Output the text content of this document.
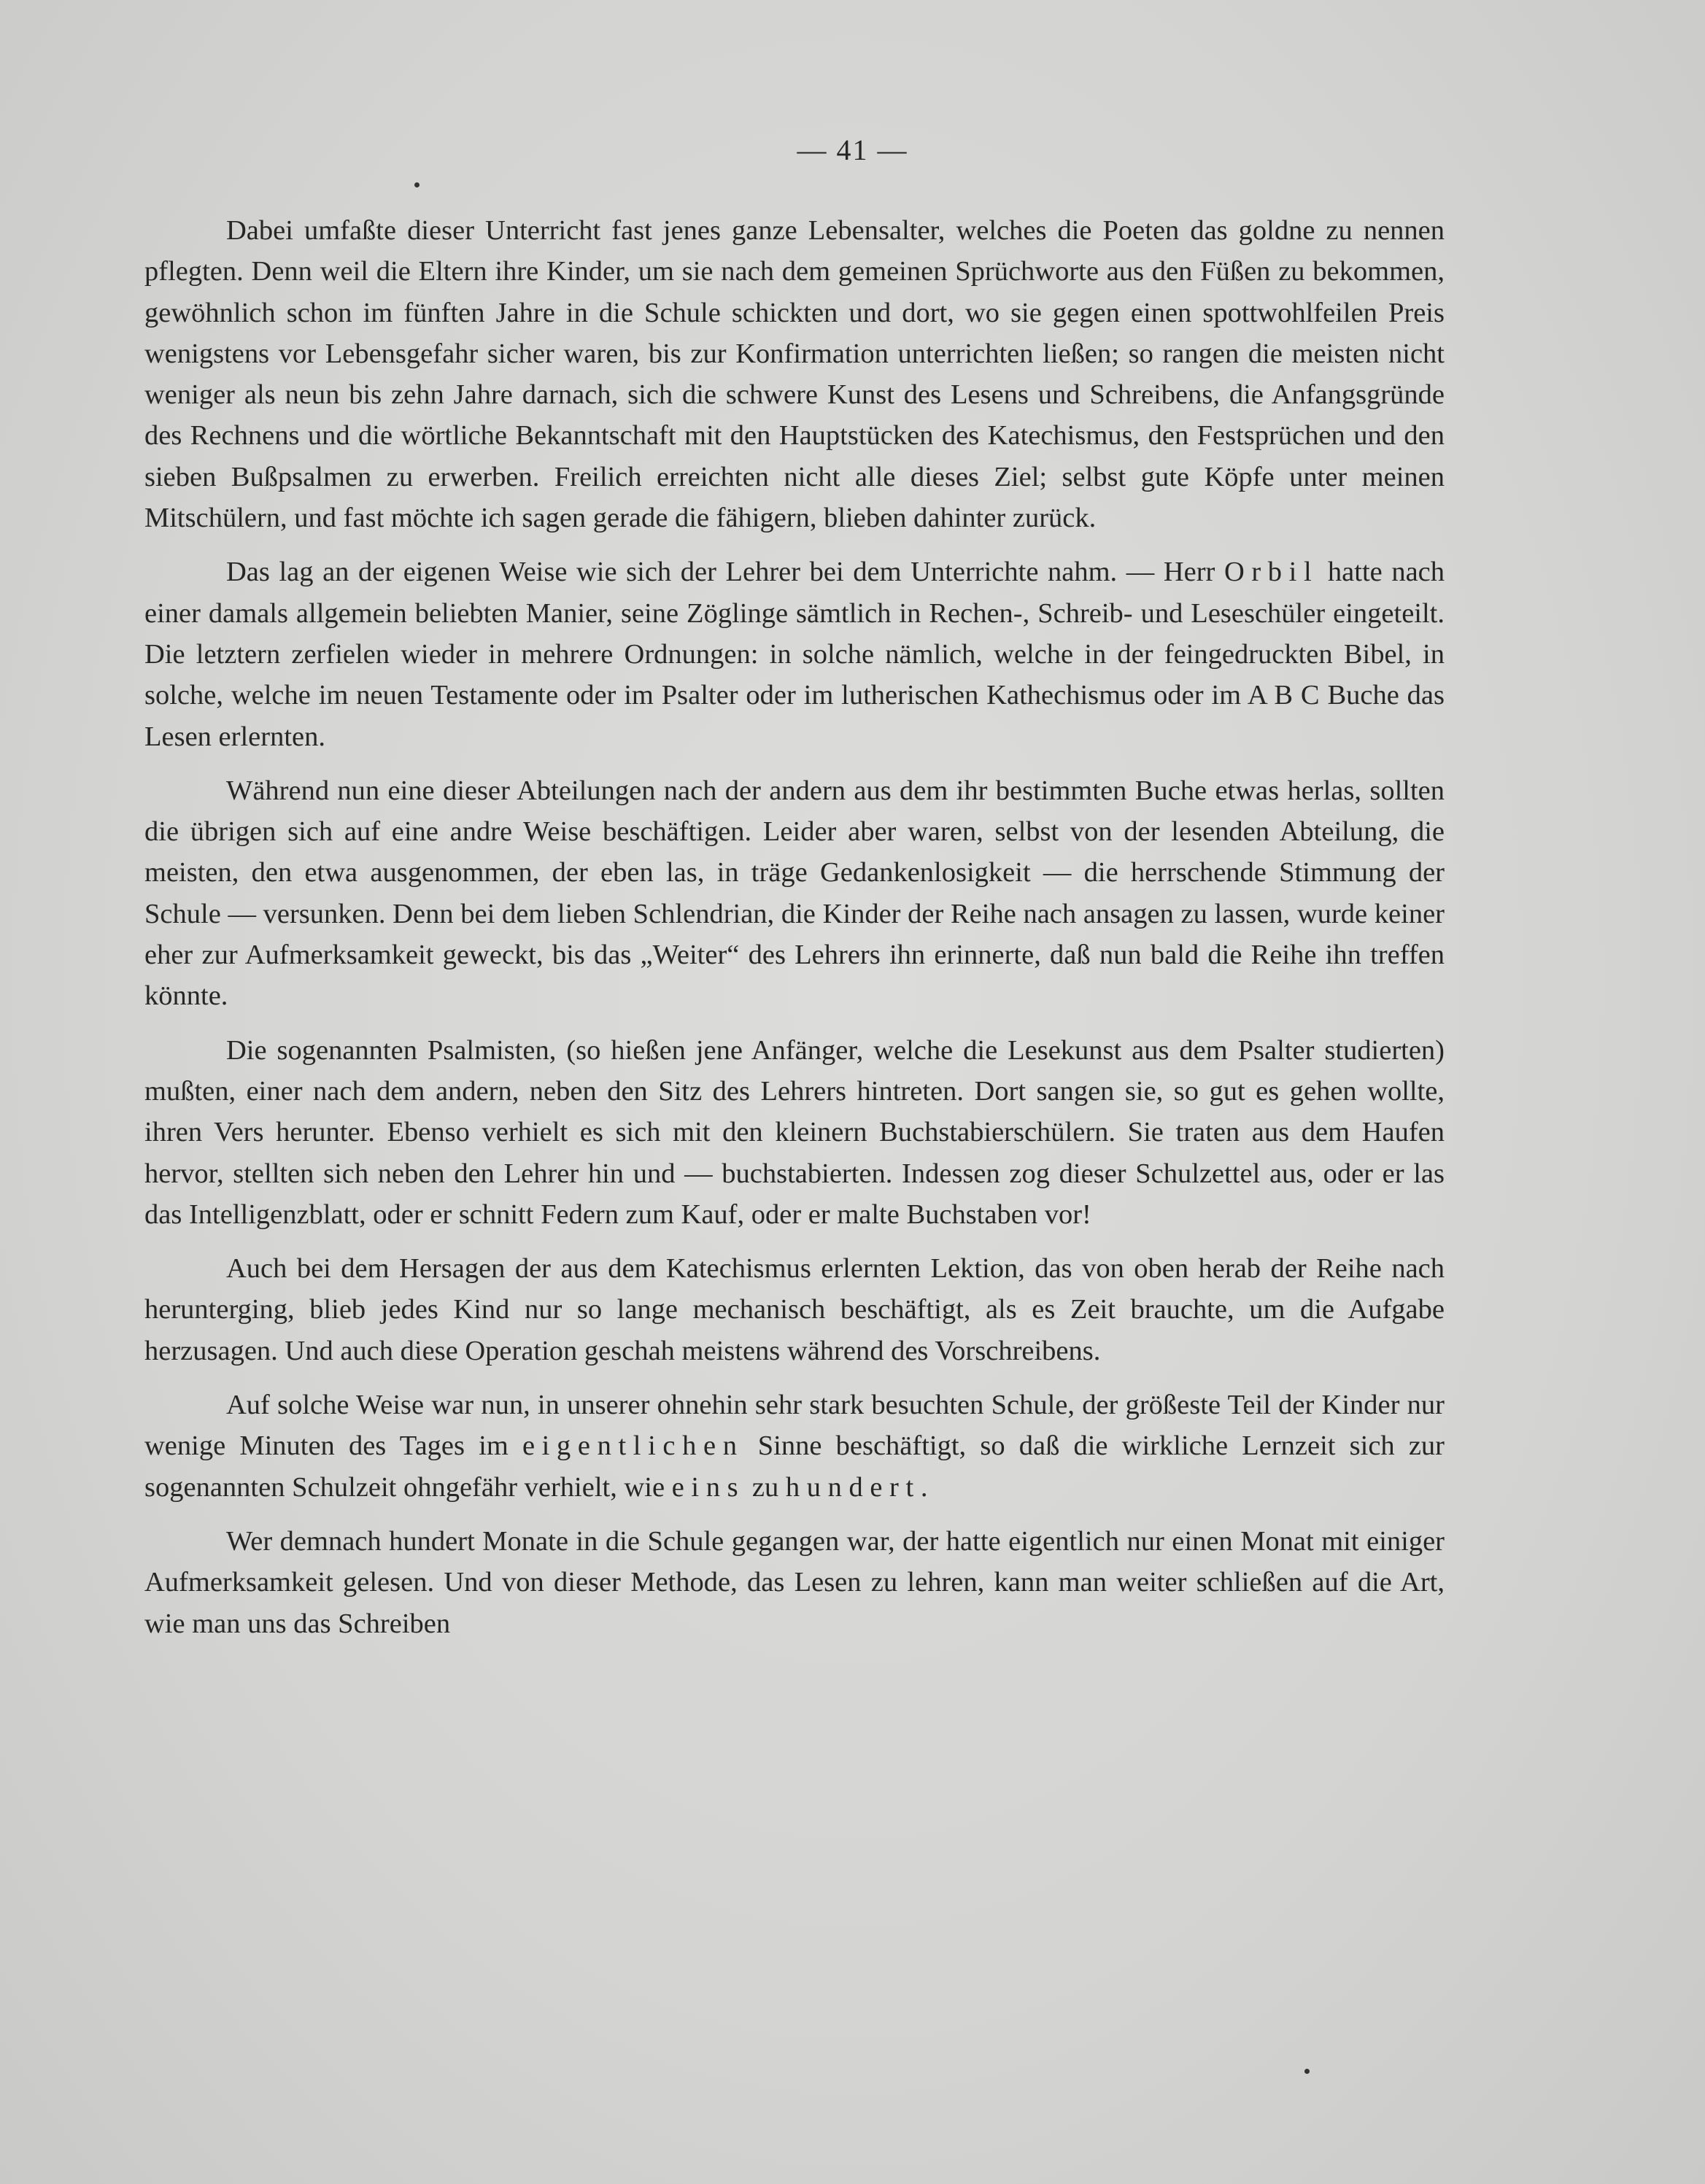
— 41 —

Dabei umfaßte dieser Unterricht fast jenes ganze Lebensalter, welches die Poeten das goldne zu nennen pflegten. Denn weil die Eltern ihre Kinder, um sie nach dem gemeinen Sprüchworte aus den Füßen zu bekommen, gewöhnlich schon im fünften Jahre in die Schule schickten und dort, wo sie gegen einen spottwohlfeilen Preis wenigstens vor Lebensgefahr sicher waren, bis zur Konfirmation unterrichten ließen; so rangen die meisten nicht weniger als neun bis zehn Jahre darnach, sich die schwere Kunst des Lesens und Schreibens, die Anfangsgründe des Rechnens und die wörtliche Bekanntschaft mit den Hauptstücken des Katechismus, den Festsprüchen und den sieben Bußpsalmen zu erwerben. Freilich erreichten nicht alle dieses Ziel; selbst gute Köpfe unter meinen Mitschülern, und fast möchte ich sagen gerade die fähigern, blieben dahinter zurück.

Das lag an der eigenen Weise wie sich der Lehrer bei dem Unterrichte nahm. — Herr Orbil hatte nach einer damals allgemein beliebten Manier, seine Zöglinge sämtlich in Rechen-, Schreib- und Leseschüler eingeteilt. Die letztern zerfielen wieder in mehrere Ordnungen: in solche nämlich, welche in der feingedruckten Bibel, in solche, welche im neuen Testamente oder im Psalter oder im lutherischen Kathechismus oder im A B C Buche das Lesen erlernten.

Während nun eine dieser Abteilungen nach der andern aus dem ihr bestimmten Buche etwas herlas, sollten die übrigen sich auf eine andre Weise beschäftigen. Leider aber waren, selbst von der lesenden Abteilung, die meisten, den etwa ausgenommen, der eben las, in träge Gedankenlosigkeit — die herrschende Stimmung der Schule — versunken. Denn bei dem lieben Schlendrian, die Kinder der Reihe nach ansagen zu lassen, wurde keiner eher zur Aufmerksamkeit geweckt, bis das „Weiter“ des Lehrers ihn erinnerte, daß nun bald die Reihe ihn treffen könnte.

Die sogenannten Psalmisten, (so hießen jene Anfänger, welche die Lesekunst aus dem Psalter studierten) mußten, einer nach dem andern, neben den Sitz des Lehrers hintreten. Dort sangen sie, so gut es gehen wollte, ihren Vers herunter. Ebenso verhielt es sich mit den kleinern Buchstabierschülern. Sie traten aus dem Haufen hervor, stellten sich neben den Lehrer hin und — buchstabierten. Indessen zog dieser Schulzettel aus, oder er las das Intelligenzblatt, oder er schnitt Federn zum Kauf, oder er malte Buchstaben vor!

Auch bei dem Hersagen der aus dem Katechismus erlernten Lektion, das von oben herab der Reihe nach herunterging, blieb jedes Kind nur so lange mechanisch beschäftigt, als es Zeit brauchte, um die Aufgabe herzusagen. Und auch diese Operation geschah meistens während des Vorschreibens.

Auf solche Weise war nun, in unserer ohnehin sehr stark besuchten Schule, der größeste Teil der Kinder nur wenige Minuten des Tages im eigentlichen Sinne beschäftigt, so daß die wirkliche Lernzeit sich zur sogenannten Schulzeit ohngefähr verhielt, wie eins zu hundert.

Wer demnach hundert Monate in die Schule gegangen war, der hatte eigentlich nur einen Monat mit einiger Aufmerksamkeit gelesen. Und von dieser Methode, das Lesen zu lehren, kann man weiter schließen auf die Art, wie man uns das Schreiben
